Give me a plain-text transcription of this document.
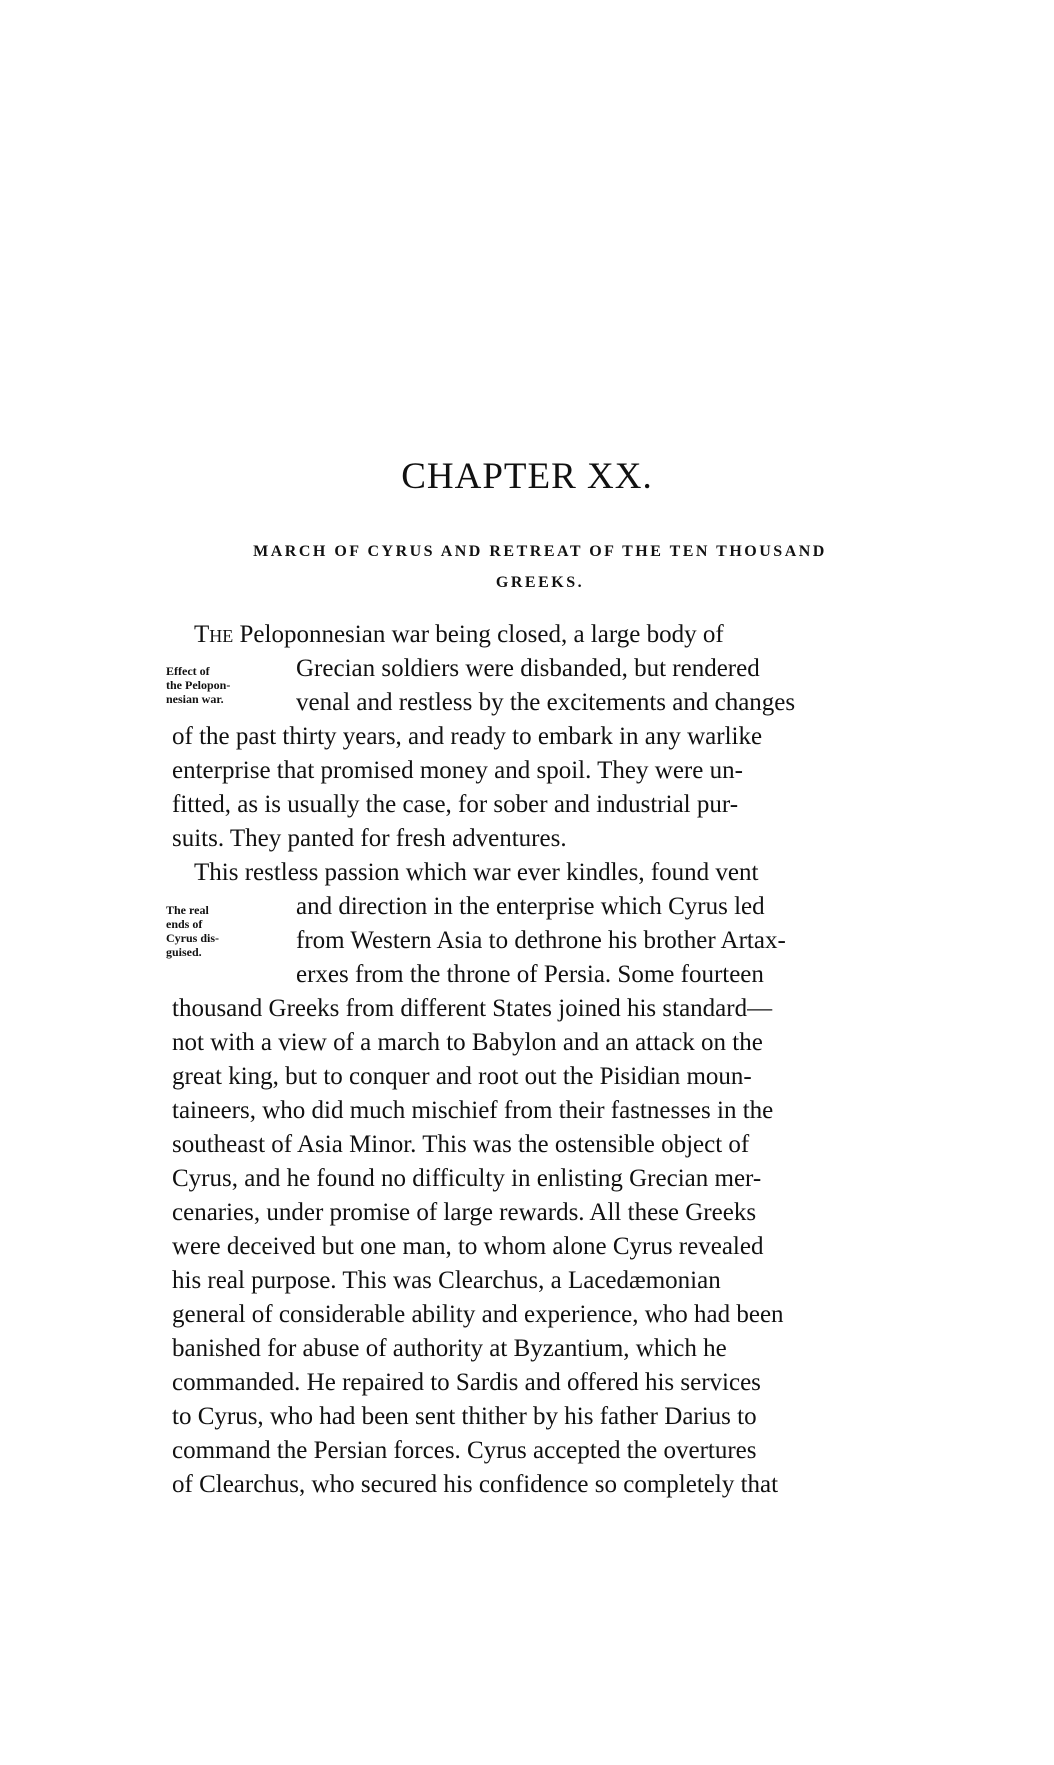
CHAPTER XX.
MARCH OF CYRUS AND RETREAT OF THE TEN THOUSAND
GREEKS.
Effect of
the Pelopon-
nesian war.
The real
ends of
Cyrus dis-
guised.
The Peloponnesian war being closed, a large body of
Grecian soldiers were disbanded, but rendered
venal and restless by the excitements and changes
of the past thirty years, and ready to embark in any warlike
enterprise that promised money and spoil. They were un-
fitted, as is usually the case, for sober and industrial pur-
suits. They panted for fresh adventures.
This restless passion which war ever kindles, found vent
and direction in the enterprise which Cyrus led
from Western Asia to dethrone his brother Artax-
erxes from the throne of Persia. Some fourteen
thousand Greeks from different States joined his standard—
not with a view of a march to Babylon and an attack on the
great king, but to conquer and root out the Pisidian moun-
taineers, who did much mischief from their fastnesses in the
southeast of Asia Minor. This was the ostensible object of
Cyrus, and he found no difficulty in enlisting Grecian mer-
cenaries, under promise of large rewards. All these Greeks
were deceived but one man, to whom alone Cyrus revealed
his real purpose. This was Clearchus, a Lacedæmonian
general of considerable ability and experience, who had been
banished for abuse of authority at Byzantium, which he
commanded. He repaired to Sardis and offered his services
to Cyrus, who had been sent thither by his father Darius to
command the Persian forces. Cyrus accepted the overtures
of Clearchus, who secured his confidence so completely that
